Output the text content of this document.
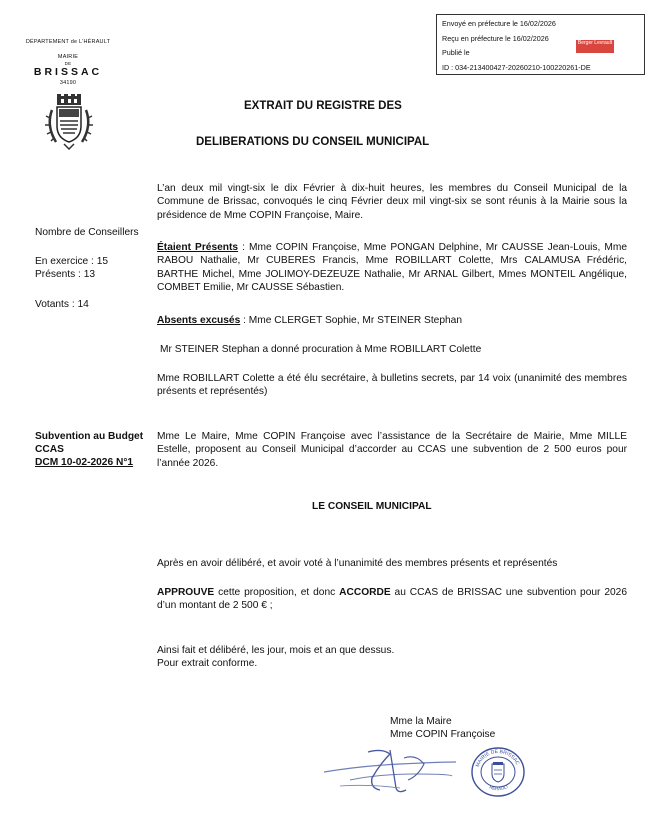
Envoyé en préfecture le 16/02/2026
Reçu en préfecture le 16/02/2026
Publié le
ID : 034-213400427-20260210-100220261-DE
Berger Levrault
DÉPARTEMENT de L'HÉRAULT
MAIRIE
DE
BRISSAC
34190
EXTRAIT DU REGISTRE DES
DELIBERATIONS DU CONSEIL MUNICIPAL
L’an deux mil vingt-six le dix Février à dix-huit heures, les membres du Conseil Municipal de la Commune de Brissac, convoqués le cinq Février deux mil vingt-six se sont réunis à la Mairie sous la présidence de Mme COPIN Françoise, Maire.
Nombre de Conseillers
En exercice : 15
Présents : 13
Votants : 14
Étaient Présents : Mme COPIN Françoise, Mme PONGAN Delphine, Mr CAUSSE Jean-Louis, Mme RABOU Nathalie, Mr CUBERES Francis, Mme ROBILLART Colette, Mrs CALAMUSA Frédéric, BARTHE Michel, Mme JOLIMOY-DEZEUZE Nathalie, Mr ARNAL Gilbert, Mmes MONTEIL Angélique, COMBET Emilie, Mr CAUSSE Sébastien.
Absents excusés : Mme CLERGET Sophie, Mr STEINER Stephan
Mr STEINER Stephan a donné procuration à Mme ROBILLART Colette
Mme ROBILLART Colette a été élu secrétaire, à bulletins secrets, par 14 voix (unanimité des membres présents et représentés)
Subvention au Budget
CCAS
DCM 10-02-2026 N°1
Mme Le Maire, Mme COPIN Françoise avec l’assistance de la Secrétaire de Mairie, Mme MILLE Estelle, proposent au Conseil Municipal d’accorder au CCAS une subvention de 2 500 euros pour l’année 2026.
LE CONSEIL MUNICIPAL
Après en avoir délibéré, et avoir voté à l’unanimité des membres présents et représentés
APPROUVE cette proposition, et donc ACCORDE au CCAS de BRISSAC une subvention pour 2026 d’un montant de 2 500 € ;
Ainsi fait et délibéré, les jour, mois et an que dessus.
Pour extrait conforme.
Mme la Maire
Mme COPIN Françoise
MAIRIE DE BRISSAC
HÉRAULT
